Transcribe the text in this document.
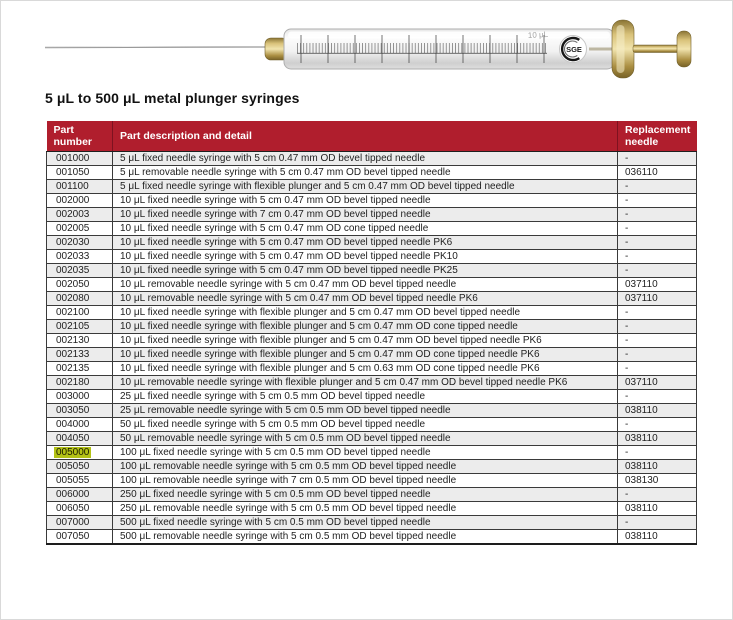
10 μL
SGE
5 μL to 500 μL metal plunger syringes
Part number	Part description and detail	Replacement needle
001000	5 μL fixed needle syringe with 5 cm 0.47 mm OD bevel tipped needle	-
001050	5 μL removable needle syringe with 5 cm 0.47 mm OD bevel tipped needle	036110
001100	5 μL fixed needle syringe with flexible plunger and 5 cm 0.47 mm OD bevel tipped needle	-
002000	10 μL fixed needle syringe with 5 cm 0.47 mm OD bevel tipped needle	-
002003	10 μL fixed needle syringe with 7 cm 0.47 mm OD bevel tipped needle	-
002005	10 μL fixed needle syringe with 5 cm 0.47 mm OD cone tipped needle	-
002030	10 μL fixed needle syringe with 5 cm 0.47 mm OD bevel tipped needle PK6	-
002033	10 μL fixed needle syringe with 5 cm 0.47 mm OD bevel tipped needle PK10	-
002035	10 μL fixed needle syringe with 5 cm 0.47 mm OD bevel tipped needle PK25	-
002050	10 μL removable needle syringe with 5 cm 0.47 mm OD bevel tipped needle	037110
002080	10 μL removable needle syringe with 5 cm 0.47 mm OD bevel tipped needle PK6	037110
002100	10 μL fixed needle syringe with flexible plunger and 5 cm 0.47 mm OD bevel tipped needle	-
002105	10 μL fixed needle syringe with flexible plunger and 5 cm 0.47 mm OD cone tipped needle	-
002130	10 μL fixed needle syringe with flexible plunger and 5 cm 0.47 mm OD bevel tipped needle PK6	-
002133	10 μL fixed needle syringe with flexible plunger and 5 cm 0.47 mm OD cone tipped needle PK6	-
002135	10 μL fixed needle syringe with flexible plunger and 5 cm 0.63 mm OD cone tipped needle PK6	-
002180	10 μL removable needle syringe with flexible plunger and 5 cm 0.47 mm OD bevel tipped needle PK6	037110
003000	25 μL fixed needle syringe with 5 cm 0.5 mm OD bevel tipped needle	-
003050	25 μL removable needle syringe with 5 cm 0.5 mm OD bevel tipped needle	038110
004000	50 μL fixed needle syringe with 5 cm 0.5 mm OD bevel tipped needle	-
004050	50 μL removable needle syringe with 5 cm 0.5 mm OD bevel tipped needle	038110
005000	100 μL fixed needle syringe with 5 cm 0.5 mm OD bevel tipped needle	-
005050	100 μL removable needle syringe with 5 cm 0.5 mm OD bevel tipped needle	038110
005055	100 μL removable needle syringe with 7 cm 0.5 mm OD bevel tipped needle	038130
006000	250 μL fixed needle syringe with 5 cm 0.5 mm OD bevel tipped needle	-
006050	250 μL removable needle syringe with 5 cm 0.5 mm OD bevel tipped needle	038110
007000	500 μL fixed needle syringe with 5 cm 0.5 mm OD bevel tipped needle	-
007050	500 μL removable needle syringe with 5 cm 0.5 mm OD bevel tipped needle	038110
